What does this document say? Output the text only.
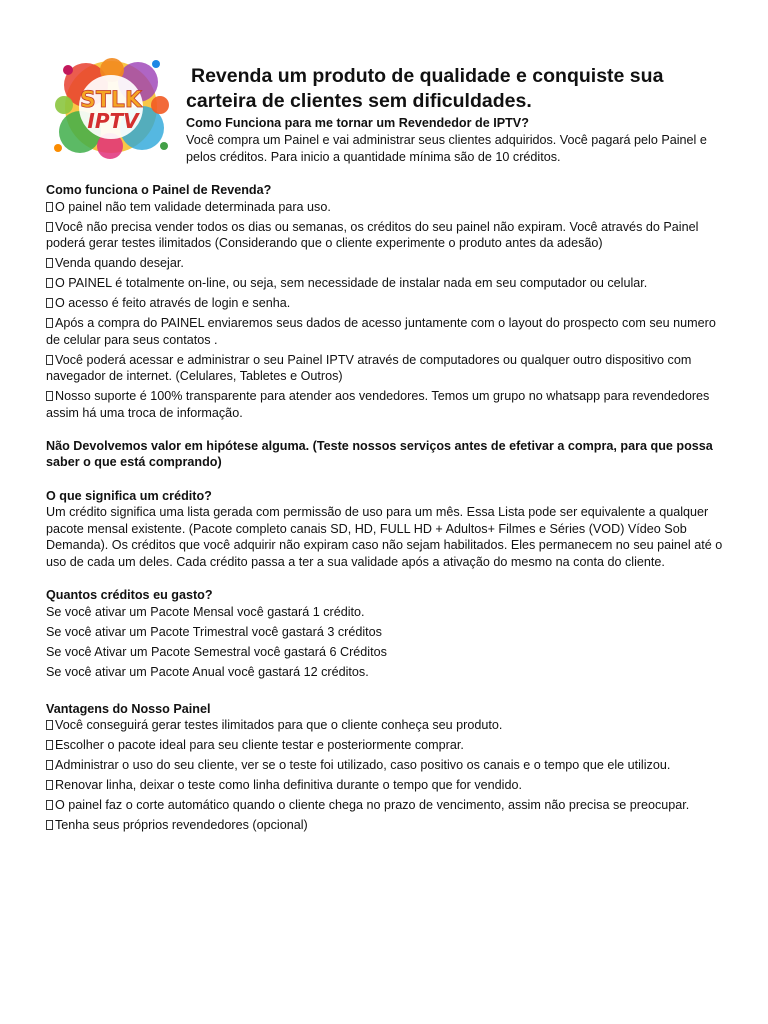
STLK
IPTV
Revenda um produto de qualidade e conquiste sua
carteira de clientes sem dificuldades.
Como Funciona para me tornar um Revendedor de IPTV?
Você compra um Painel e vai administrar seus clientes adquiridos. Você pagará pelo Painel e pelos créditos. Para inicio a quantidade mínima são de 10 créditos.
Como funciona o Painel de Revenda?
O painel não tem validade determinada para uso.
Você não precisa vender todos os dias ou semanas, os créditos do seu painel não expiram. Você através do Painel poderá gerar testes ilimitados (Considerando que o cliente experimente o produto antes da adesão)
Venda quando desejar.
O PAINEL é totalmente on-line, ou seja, sem necessidade de instalar nada em seu computador ou celular.
O acesso é feito através de login e senha.
Após a compra do PAINEL enviaremos seus dados de acesso juntamente com o layout do prospecto com seu numero de celular para seus contatos .
Você poderá acessar e administrar o seu Painel IPTV através de computadores ou qualquer outro dispositivo com navegador de internet. (Celulares, Tabletes e Outros)
Nosso suporte é 100% transparente para atender aos vendedores. Temos um grupo no whatsapp para revendedores assim há uma troca de informação.
Não Devolvemos valor em hipótese alguma. (Teste nossos serviços antes de efetivar a compra, para que possa saber o que está comprando)
O que significa um crédito?
Um crédito significa uma lista gerada com permissão de uso para um mês. Essa Lista pode ser equivalente a qualquer pacote mensal existente. (Pacote completo canais SD, HD, FULL HD + Adultos+ Filmes e Séries (VOD) Vídeo Sob Demanda). Os créditos que você adquirir não expiram caso não sejam habilitados. Eles permanecem no seu painel até o uso de cada um deles. Cada crédito passa a ter a sua validade após a ativação do mesmo na conta do cliente.
Quantos créditos eu gasto?
Se você ativar um Pacote Mensal você gastará 1 crédito.
Se você ativar um Pacote Trimestral você gastará 3 créditos
Se você Ativar um Pacote Semestral você gastará 6 Créditos
Se você ativar um Pacote Anual você gastará 12 créditos.
Vantagens do Nosso Painel
Você conseguirá gerar testes ilimitados para que o cliente conheça seu produto.
Escolher o pacote ideal para seu cliente testar e posteriormente comprar.
Administrar o uso do seu cliente, ver se o teste foi utilizado, caso positivo os canais e o tempo que ele utilizou.
Renovar linha, deixar o teste como linha definitiva durante o tempo que for vendido.
O painel faz o corte automático quando o cliente chega no prazo de vencimento, assim não precisa se preocupar.
Tenha seus próprios revendedores (opcional)
